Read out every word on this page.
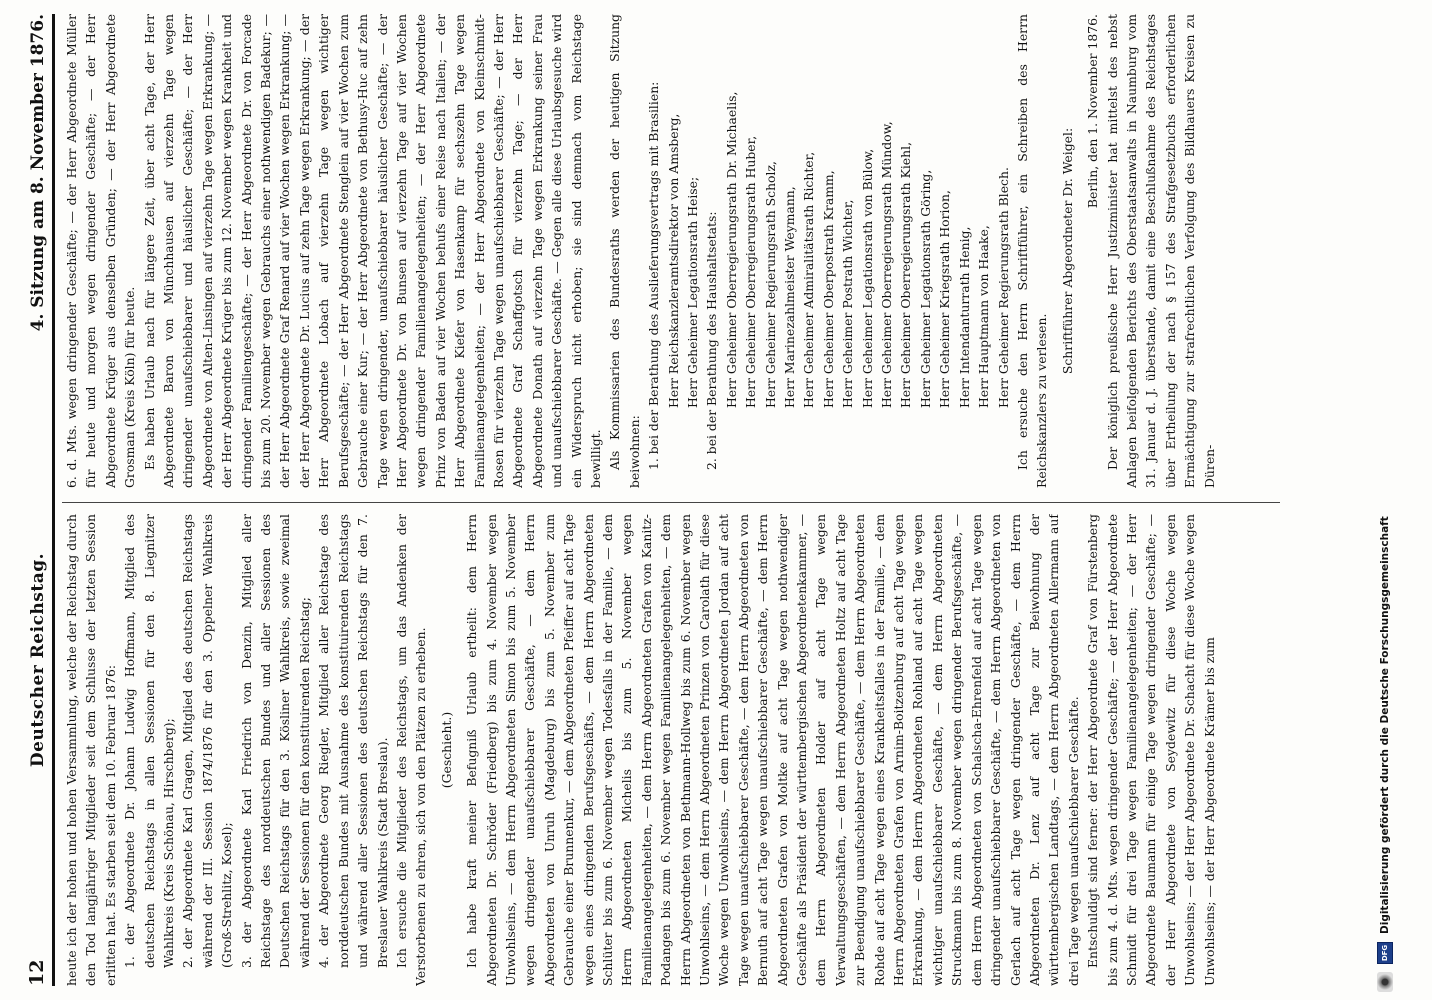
12
Deutscher Reichstag.
4. Sitzung am 8. November 1876.

heute ich der hohen und hohen Versammlung, welche der Reichstag durch den Tod langjähriger Mitglieder seit dem Schlusse der letzten Session erlitten hat. Es starben seit dem 10. Februar 1876: 1. der Abgeordnete Dr. Johann Ludwig Hoffmann, Mitglied des deutschen Reichstags in allen Sessionen für den 8. Liegnitzer Wahlkreis (Kreis Schönau, Hirschberg); 2. der Abgeordnete Karl Gragen, Mitglied des deutschen Reichstags während der III. Session 1874/1876 für den 3. Oppelner Wahlkreis (Groß-Strehlitz, Kosel); 3. der Abgeordnete Karl Friedrich von Denzin, Mitglied aller Reichstage des norddeutschen Bundes und aller Sessionen des Deutschen Reichstags für den 3. Kösliner Wahlkreis, sowie zweimal während der Sessionen für den konstituirenden Reichstag; 4. der Abgeordnete Georg Riegler, Mitglied aller Reichstage des norddeutschen Bundes mit Ausnahme des konstituirenden Reichstags und während aller Sessionen des deutschen Reichstags für den 7. Breslauer Wahlkreis (Stadt Breslau). Ich ersuche die Mitglieder des Reichstags, um das Andenken der Verstorbenen zu ehren, sich von den Plätzen zu erheben. (Geschieht.) Ich habe kraft meiner Befugniß Urlaub ertheilt: dem Herrn Abgeordneten Dr. Schröder (Friedberg) bis zum 4. November wegen Unwohlseins, — dem Herrn Abgeordneten Simon bis zum 5. November wegen dringender unaufschiebbarer Geschäfte, — dem Herrn Abgeordneten von Unruh (Magdeburg) bis zum 5. November zum Gebrauche einer Brunnenkur, — dem Abgeordneten Pfeiffer auf acht Tage wegen eines dringenden Berufsgeschäfts, — dem Herrn Abgeordneten Schlüter bis zum 6. November wegen Todesfalls in der Familie, — dem Herrn Abgeordneten Michelis bis zum 5. November wegen Familienangelegenheiten, — dem Herrn Abgeordneten Grafen von Kanitz-Podangen bis zum 6. November wegen Familienangelegenheiten, — dem Herrn Abgeordneten von Bethmann-Hollweg bis zum 6. November wegen Unwohlseins, — dem Herrn Abgeordneten Prinzen von Carolath für diese Woche wegen Unwohlseins, — dem Herrn Abgeordneten Jordan auf acht Tage wegen unaufschiebbarer Geschäfte, — dem Herrn Abgeordneten von Bernuth auf acht Tage wegen unaufschiebbarer Geschäfte, — dem Herrn Abgeordneten Grafen von Moltke auf acht Tage wegen nothwendiger Geschäfte als Präsident der württembergischen Abgeordnetenkammer, — dem Herrn Abgeordneten Holder auf acht Tage wegen Verwaltungsgeschäften, — dem Herrn Abgeordneten Holtz auf acht Tage zur Beendigung unaufschiebbarer Geschäfte, — dem Herrn Abgeordneten Rohde auf acht Tage wegen eines Krankheitsfalles in der Familie, — dem Herrn Abgeordneten Grafen von Arnim-Boitzenburg auf acht Tage wegen Erkrankung, — dem Herrn Abgeordneten Rohland auf acht Tage wegen wichtiger unaufschiebbarer Geschäfte, — dem Herrn Abgeordneten Struckmann bis zum 8. November wegen dringender Berufsgeschäfte, — dem Herrn Abgeordneten von Schalscha-Ehrenfeld auf acht Tage wegen dringender unaufschiebbarer Geschäfte, — dem Herrn Abgeordneten von Gerlach auf acht Tage wegen dringender Geschäfte, — dem Herrn Abgeordneten Dr. Lenz auf acht Tage zur Beiwohnung der württembergischen Landtags, — dem Herrn Abgeordneten Allermann auf drei Tage wegen unaufschiebbarer Geschäfte. Entschuldigt sind ferner: der Herr Abgeordnete Graf von Fürstenberg bis zum 4. d. Mts. wegen dringender Geschäfte; — der Herr Abgeordnete Schmidt für drei Tage wegen Familienangelegenheiten; — der Herr Abgeordnete Baumann für einige Tage wegen dringender Geschäfte; — der Herr Abgeordnete von Seydewitz für diese Woche wegen Unwohlseins; — der Herr Abgeordnete Dr. Schacht für diese Woche wegen Unwohlseins; — der Herr Abgeordnete Krämer bis zum

6. d. Mts. wegen dringender Geschäfte; — der Herr Abgeordnete Müller für heute und morgen wegen dringender Geschäfte; — der Herr Abgeordnete Krüger aus denselben Gründen; — der Herr Abgeordnete Grosman (Kreis Köln) für heute. Es haben Urlaub nach für längere Zeit, über acht Tage, der Herr Abgeordnete Baron von Münchhausen auf vierzehn Tage wegen dringender unaufschiebbarer und häuslicher Geschäfte; — der Herr Abgeordnete von Alten-Linsingen auf vierzehn Tage wegen Erkrankung; — der Herr Abgeordnete Krüger bis zum 12. November wegen Krankheit und dringender Familiengeschäfte; — der Herr Abgeordnete Dr. von Forcade bis zum 20. November wegen Gebrauchs einer nothwendigen Badekur; — der Herr Abgeordnete Graf Renard auf vier Wochen wegen Erkrankung; — der Herr Abgeordnete Dr. Lucius auf zehn Tage wegen Erkrankung; — der Herr Abgeordnete Lobach auf vierzehn Tage wegen wichtiger Berufsgeschäfte; — der Herr Abgeordnete Stenglein auf vier Wochen zum Gebrauche einer Kur; — der Herr Abgeordnete von Bethusy-Huc auf zehn Tage wegen dringender, unaufschiebbarer häuslicher Geschäfte; — der Herr Abgeordnete Dr. von Bunsen auf vierzehn Tage auf vier Wochen wegen dringender Familienangelegenheiten; — der Herr Abgeordnete Prinz von Baden auf vier Wochen behufs einer Reise nach Italien; — der Herr Abgeordnete Kiefer von Hasenkamp für sechszehn Tage wegen Familienangelegenheiten; — der Herr Abgeordnete von Kleinschmidt-Rosen für vierzehn Tage wegen unaufschiebbarer Geschäfte; — der Herr Abgeordnete Graf Schaffgotsch für vierzehn Tage; — der Herr Abgeordnete Donath auf vierzehn Tage wegen Erkrankung seiner Frau und unaufschiebbarer Geschäfte. — Gegen alle diese Urlaubsgesuche wird ein Widerspruch nicht erhoben; sie sind demnach vom Reichstage bewilligt. Als Kommissarien des Bundesraths werden der heutigen Sitzung beiwohnen: 1. bei der Berathung des Auslieferungsvertrags mit Brasilien: Herr Reichskanzleramtsdirektor von Amsberg, Herr Geheimer Legationsrath Heise; 2. bei der Berathung des Haushaltsetats: Herr Geheimer Oberregierungsrath Dr. Michaelis, Herr Geheimer Oberregierungsrath Huber, Herr Geheimer Regierungsrath Scholz, Herr Marinezahlmeister Weymann, Herr Geheimer Admiralitätsrath Richter, Herr Geheimer Oberpostrath Kramm, Herr Geheimer Postrath Wichter, Herr Geheimer Legationsrath von Bülow, Herr Geheimer Oberregierungsrath Mündow, Herr Geheimer Oberregierungsrath Kiehl, Herr Geheimer Legationsrath Göring, Herr Geheimer Kriegsrath Horion, Herr Intendanturrath Henig, Herr Hauptmann von Haake, Herr Geheimer Regierungsrath Blech. Ich ersuche den Herrn Schriftführer, ein Schreiben des Herrn Reichskanzlers zu verlesen.

Schriftführer Abgeordneter Dr. Weigel:

Berlin, den 1. November 1876. Der königlich preußische Herr Justizminister hat mittelst des nebst Anlagen beifolgenden Berichts des Oberstaatsanwalts in Naumburg vom 31. Januar d. J. überstande, damit eine Beschlußnahme des Reichstages über Ertheilung der nach § 157 des Strafgesetzbuchs erforderlichen Ermächtigung zur strafrechtlichen Verfolgung des Bildhauers Kreisen zu Düren-

DFG
Digitalisierung gefördert durch die Deutsche Forschungsgemeinschaft
